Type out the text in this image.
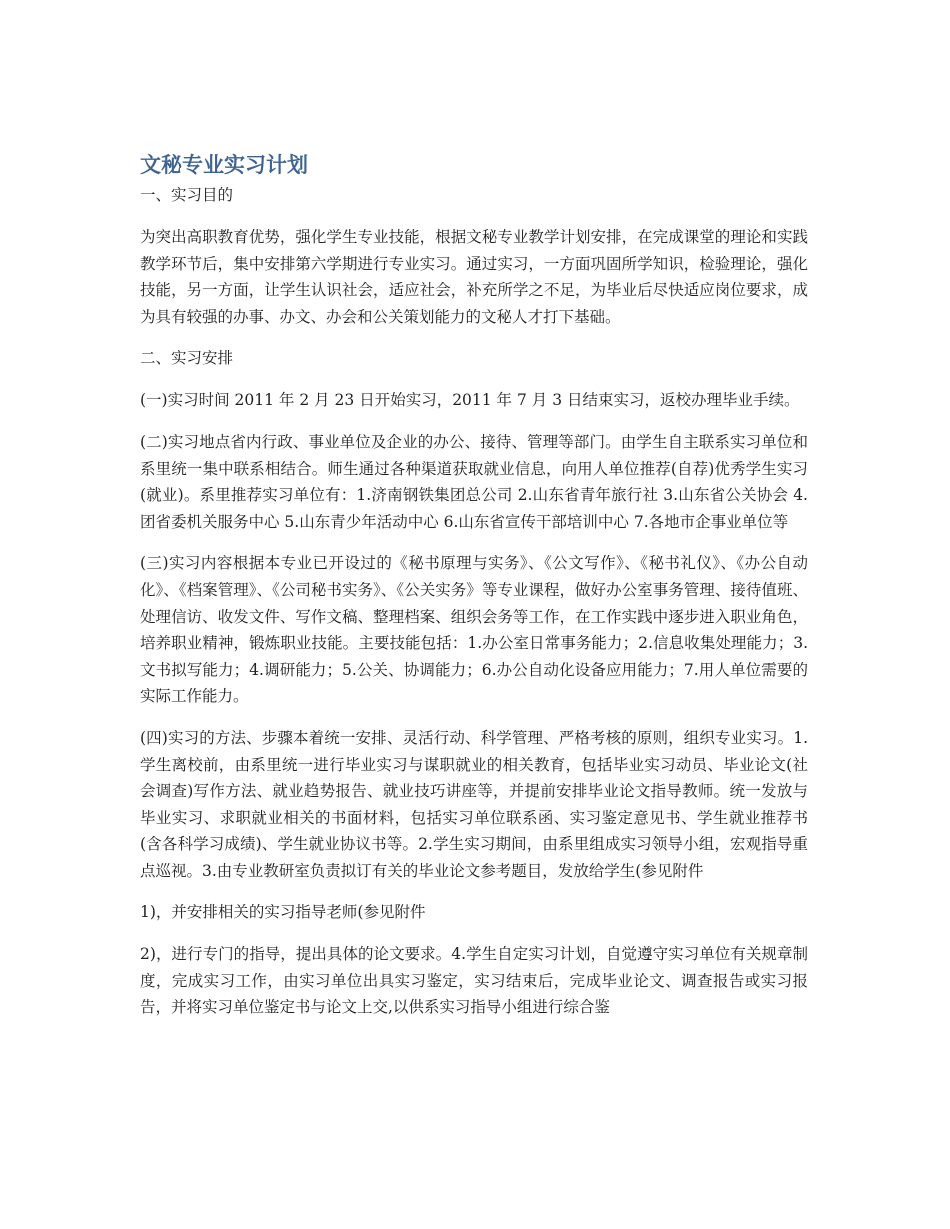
文秘专业实习计划

一、实习目的

为突出高职教育优势，强化学生专业技能，根据文秘专业教学计划安排，在完成课堂的理论和实践教学环节后，集中安排第六学期进行专业实习。通过实习，一方面巩固所学知识，检验理论，强化技能，另一方面，让学生认识社会，适应社会，补充所学之不足，为毕业后尽快适应岗位要求，成为具有较强的办事、办文、办会和公关策划能力的文秘人才打下基础。

二、实习安排

(一)实习时间 2011 年 2 月 23 日开始实习，2011 年 7 月 3 日结束实习，返校办理毕业手续。

(二)实习地点省内行政、事业单位及企业的办公、接待、管理等部门。由学生自主联系实习单位和系里统一集中联系相结合。师生通过各种渠道获取就业信息，向用人单位推荐(自荐)优秀学生实习(就业)。系里推荐实习单位有：1.济南钢铁集团总公司 2.山东省青年旅行社 3.山东省公关协会 4.团省委机关服务中心 5.山东青少年活动中心 6.山东省宣传干部培训中心 7.各地市企事业单位等

(三)实习内容根据本专业已开设过的《秘书原理与实务》、《公文写作》、《秘书礼仪》、《办公自动化》、《档案管理》、《公司秘书实务》、《公关实务》等专业课程，做好办公室事务管理、接待值班、处理信访、收发文件、写作文稿、整理档案、组织会务等工作，在工作实践中逐步进入职业角色，培养职业精神，锻炼职业技能。主要技能包括：1.办公室日常事务能力；2.信息收集处理能力；3.文书拟写能力；4.调研能力；5.公关、协调能力；6.办公自动化设备应用能力；7.用人单位需要的实际工作能力。

(四)实习的方法、步骤本着统一安排、灵活行动、科学管理、严格考核的原则，组织专业实习。1.学生离校前，由系里统一进行毕业实习与谋职就业的相关教育，包括毕业实习动员、毕业论文(社会调查)写作方法、就业趋势报告、就业技巧讲座等，并提前安排毕业论文指导教师。统一发放与毕业实习、求职就业相关的书面材料，包括实习单位联系函、实习鉴定意见书、学生就业推荐书(含各科学习成绩)、学生就业协议书等。2.学生实习期间，由系里组成实习领导小组，宏观指导重点巡视。3.由专业教研室负责拟订有关的毕业论文参考题目，发放给学生(参见附件

1)，并安排相关的实习指导老师(参见附件

2)，进行专门的指导，提出具体的论文要求。4.学生自定实习计划，自觉遵守实习单位有关规章制度，完成实习工作，由实习单位出具实习鉴定，实习结束后，完成毕业论文、调查报告或实习报告，并将实习单位鉴定书与论文上交,以供系实习指导小组进行综合鉴
